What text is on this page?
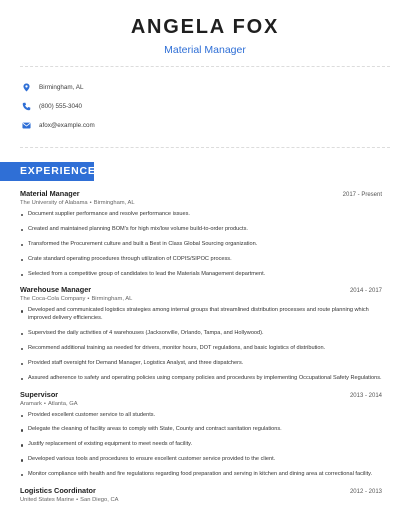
ANGELA FOX
Material Manager
Birmingham, AL
(800) 555-3040
afox@example.com
EXPERIENCE
Material Manager	2017 - Present
The University of Alabama • Birmingham, AL
Document supplier performance and resolve performance issues.
Created and maintained planning BOM's for high mix/low volume build-to-order products.
Transformed the Procurement culture and built a Best in Class Global Sourcing organization.
Crate standard operating procedures through utilization of COPIS/SIPOC process.
Selected from a competitive group of candidates to lead the Materials Management department.
Warehouse Manager	2014 - 2017
The Coca-Cola Company • Birmingham, AL
Developed and communicated logistics strategies among internal groups that streamlined distribution processes and route planning which improved delivery efficiencies.
Supervised the daily activities of 4 warehouses (Jacksonville, Orlando, Tampa, and Hollywood).
Recommend additional training as needed for drivers, monitor hours, DOT regulations, and basic logistics of distribution.
Provided staff oversight for Demand Manager, Logistics Analyst, and three dispatchers.
Assured adherence to safety and operating policies using company policies and procedures by implementing Occupational Safety Regulations.
Supervisor	2013 - 2014
Aramark • Atlanta, GA
Provided excellent customer service to all students.
Delegate the cleaning of facility areas to comply with State, County and contract sanitation regulations.
Justify replacement of existing equipment to meet needs of facility.
Developed various tools and procedures to ensure excellent customer service provided to the client.
Monitor compliance with health and fire regulations regarding food preparation and serving in kitchen and dining area at correctional facility.
Logistics Coordinator	2012 - 2013
United States Marine • San Diego, CA
